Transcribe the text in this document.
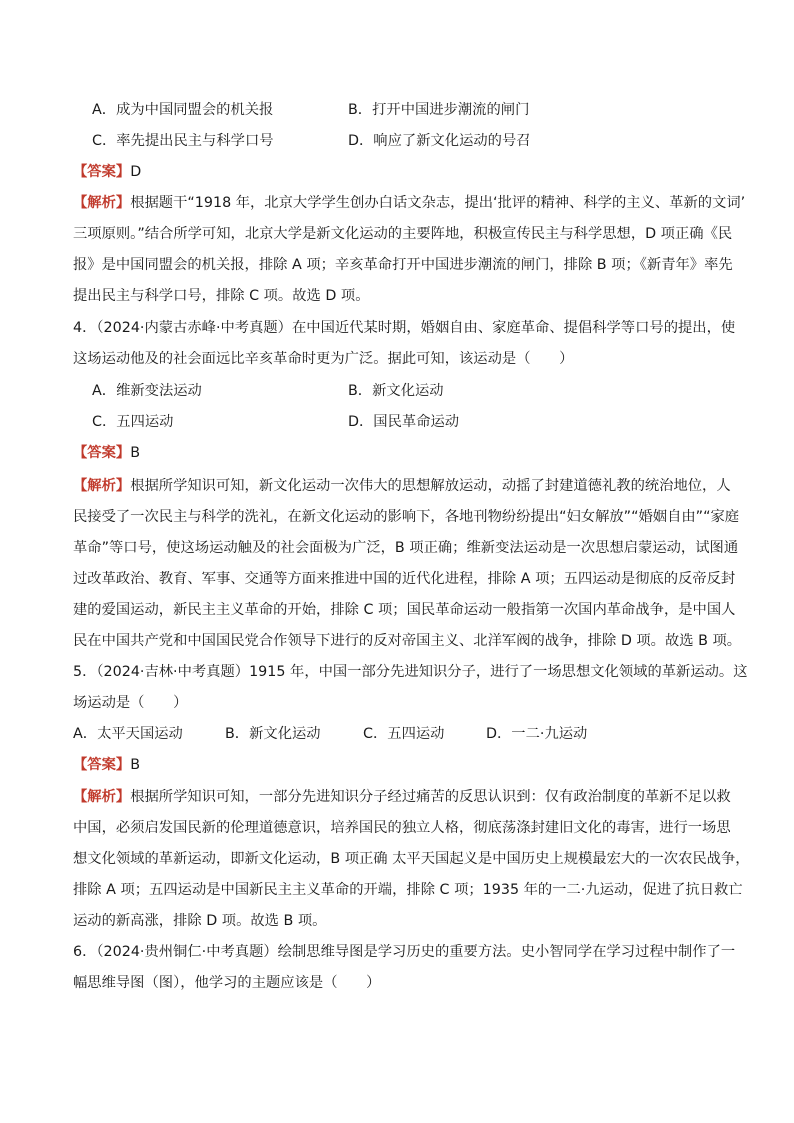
A．成为中国同盟会的机关报	B．打开中国进步潮流的闸门
C．率先提出民主与科学口号	D．响应了新文化运动的号召
【答案】D
【解析】根据题干“1918 年，北京大学学生创办白话文杂志，提出‘批评的精神、科学的主义、革新的文词’
三项原则。”结合所学可知，北京大学是新文化运动的主要阵地，积极宣传民主与科学思想，D 项正确《民
报》是中国同盟会的机关报，排除 A 项；辛亥革命打开中国进步潮流的闸门，排除 B 项；《新青年》率先
提出民主与科学口号，排除 C 项。故选 D 项。
4．（2024·内蒙古赤峰·中考真题）在中国近代某时期，婚姻自由、家庭革命、提倡科学等口号的提出，使
这场运动他及的社会面远比辛亥革命时更为广泛。据此可知，该运动是（　　）
A．维新变法运动	B．新文化运动
C．五四运动	D．国民革命运动
【答案】B
【解析】根据所学知识可知，新文化运动一次伟大的思想解放运动，动摇了封建道德礼教的统治地位，人
民接受了一次民主与科学的洗礼，在新文化运动的影响下，各地刊物纷纷提出“妇女解放”“婚姻自由”“家庭
革命”等口号，使这场运动触及的社会面极为广泛，B 项正确；维新变法运动是一次思想启蒙运动，试图通
过改革政治、教育、军事、交通等方面来推进中国的近代化进程，排除 A 项；五四运动是彻底的反帝反封
建的爱国运动，新民主主义革命的开始，排除 C 项；国民革命运动一般指第一次国内革命战争，是中国人
民在中国共产党和中国国民党合作领导下进行的反对帝国主义、北洋军阀的战争，排除 D 项。故选 B 项。
5．（2024·吉林·中考真题）1915 年，中国一部分先进知识分子，进行了一场思想文化领域的革新运动。这
场运动是（　　）
A．太平天国运动	B．新文化运动	C．五四运动	D．一二·九运动
【答案】B
【解析】根据所学知识可知，一部分先进知识分子经过痛苦的反思认识到：仅有政治制度的革新不足以救
中国，必须启发国民新的伦理道德意识，培养国民的独立人格，彻底荡涤封建旧文化的毒害，进行一场思
想文化领域的革新运动，即新文化运动，B 项正确 太平天国起义是中国历史上规模最宏大的一次农民战争，
排除 A 项；五四运动是中国新民主主义革命的开端，排除 C 项；1935 年的一二·九运动，促进了抗日救亡
运动的新高涨，排除 D 项。故选 B 项。
6．（2024·贵州铜仁·中考真题）绘制思维导图是学习历史的重要方法。史小智同学在学习过程中制作了一
幅思维导图（图），他学习的主题应该是（　　）
